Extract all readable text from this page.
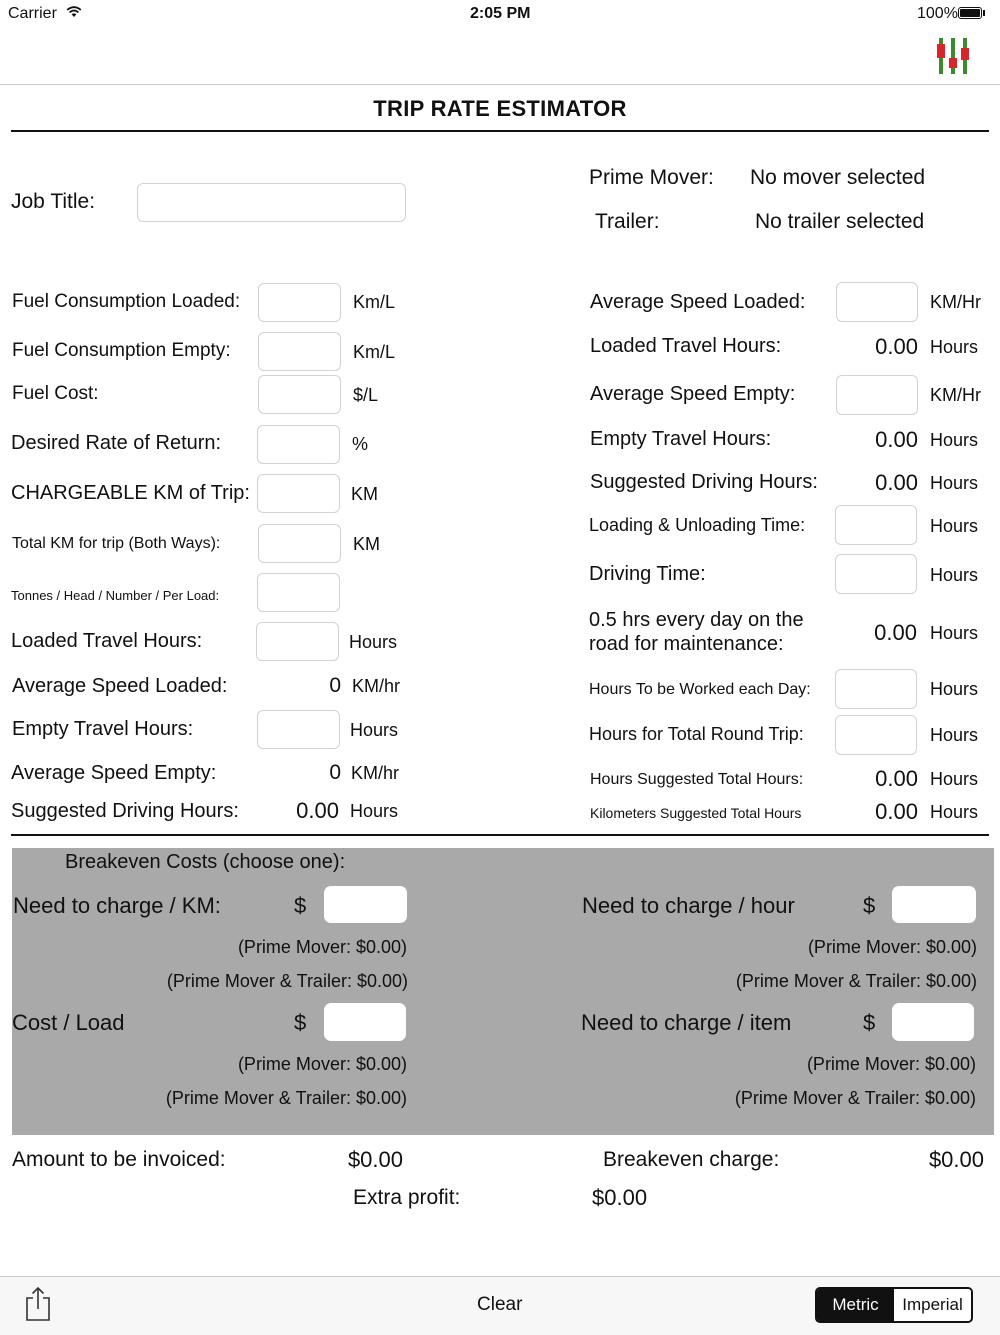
Carrier	2:05 PM	100%
TRIP RATE ESTIMATOR
Job Title:
Prime Mover: No mover selected
Trailer:	No trailer selected
Fuel Consumption Loaded:	Km/L
Fuel Consumption Empty:	Km/L
Fuel Cost:	$/L
Desired Rate of Return:	%
CHARGEABLE KM of Trip:	KM
Total KM for trip (Both Ways):	KM
Tonnes / Head / Number / Per Load:
Loaded Travel Hours:	Hours
Average Speed Loaded:	0 KM/hr
Empty Travel Hours:	Hours
Average Speed Empty:	0 KM/hr
Suggested Driving Hours:	0.00 Hours
Average Speed Loaded:	KM/Hr
Loaded Travel Hours:	0.00 Hours
Average Speed Empty:	KM/Hr
Empty Travel Hours:	0.00 Hours
Suggested Driving Hours:	0.00 Hours
Loading & Unloading Time:	Hours
Driving Time:	Hours
0.5 hrs every day on the
road for maintenance:	0.00 Hours
Hours To be Worked each Day:	Hours
Hours for Total Round Trip:	Hours
Hours Suggested Total Hours:	0.00 Hours
Kilometers Suggested Total Hours	0.00 Hours
Breakeven Costs (choose one):
Need to charge / KM:	$
(Prime Mover: $0.00)
(Prime Mover & Trailer: $0.00)
Need to charge / hour	$
(Prime Mover: $0.00)
(Prime Mover & Trailer: $0.00)
Cost / Load	$
(Prime Mover: $0.00)
(Prime Mover & Trailer: $0.00)
Need to charge / item	$
(Prime Mover: $0.00)
(Prime Mover & Trailer: $0.00)
Amount to be invoiced:	$0.00	Breakeven charge:	$0.00
Extra profit:	$0.00
Clear	Metric	Imperial
